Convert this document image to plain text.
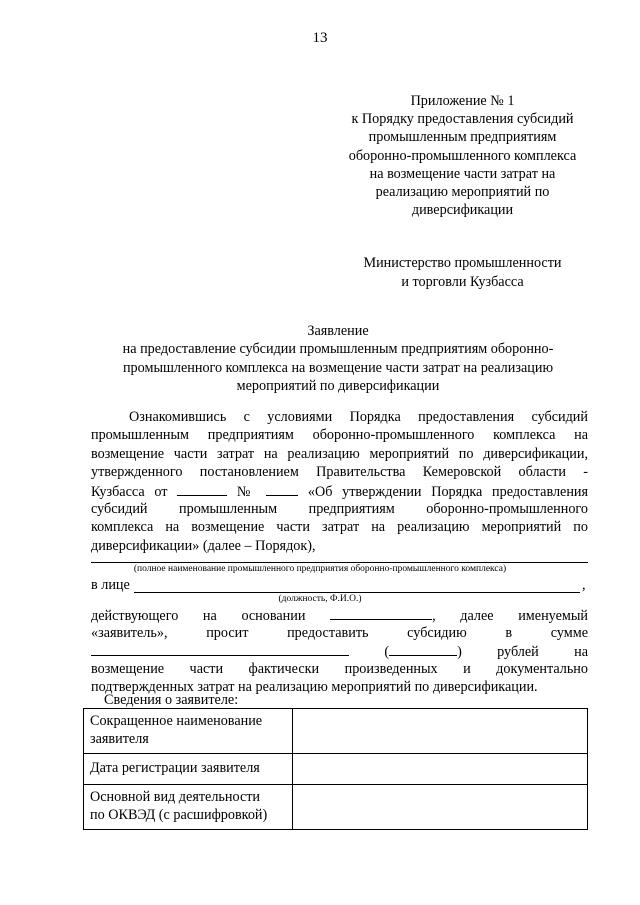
13
Приложение № 1
к Порядку предоставления субсидий
промышленным предприятиям
оборонно-промышленного комплекса
на возмещение части затрат на
реализацию мероприятий по
диверсификации
Министерство промышленности
и торговли Кузбасса
Заявление
на предоставление субсидии промышленным предприятиям оборонно-
промышленного комплекса на возмещение части затрат на реализацию
мероприятий по диверсификации
Ознакомившись с условиями Порядка предоставления субсидий
промышленным предприятиям оборонно-промышленного комплекса на
возмещение части затрат на реализацию мероприятий по диверсификации,
утвержденного постановлением Правительства Кемеровской области -
Кузбасса от	№	«Об утверждении Порядка предоставления
субсидий промышленным предприятиям оборонно-промышленного
комплекса на возмещение части затрат на реализацию мероприятий по
диверсификации» (далее – Порядок),
(полное наименование промышленного предприятия оборонно-промышленного комплекса)
в лице	,
(должность, Ф.И.О.)
действующего на основании	, далее именуемый
«заявитель»,	просит	предоставить	субсидию	в	сумме
(	) рублей на
возмещение части фактически произведенных и документально
подтвержденных затрат на реализацию мероприятий по диверсификации.
Сведения о заявителе:
Сокращенное наименование
заявителя	

Дата регистрации заявителя	

Основной вид деятельности
по ОКВЭД (с расшифровкой)	
